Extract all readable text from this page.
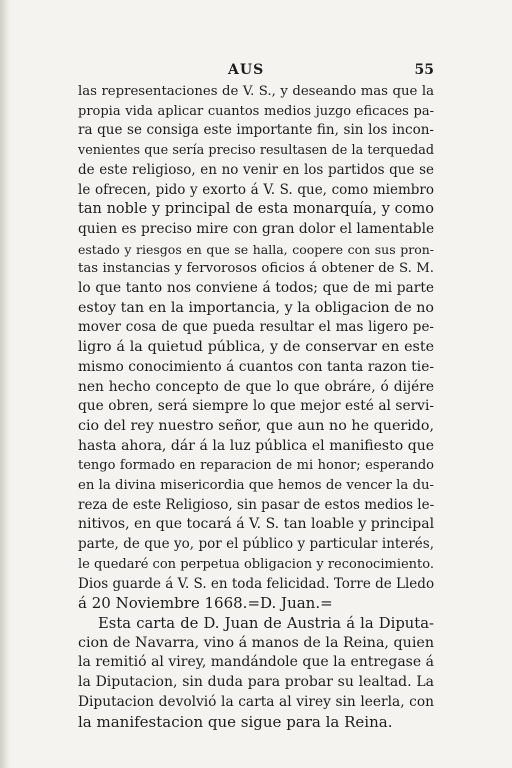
AUS	55
las representaciones de V. S., y deseando mas que la
propia vida aplicar cuantos medios juzgo eficaces pa-
ra que se consiga este importante fin, sin los incon-
venientes que sería preciso resultasen de la terquedad
de este religioso, en no venir en los partidos que se
le ofrecen, pido y exorto á V. S. que, como miembro
tan noble y principal de esta monarquía, y como
quien es preciso mire con gran dolor el lamentable
estado y riesgos en que se halla, coopere con sus pron-
tas instancias y fervorosos oficios á obtener de S. M.
lo que tanto nos conviene á todos; que de mi parte
estoy tan en la importancia, y la obligacion de no
mover cosa de que pueda resultar el mas ligero pe-
ligro á la quietud pública, y de conservar en este
mismo conocimiento á cuantos con tanta razon tie-
nen hecho concepto de que lo que obráre, ó dijére
que obren, será siempre lo que mejor esté al servi-
cio del rey nuestro señor, que aun no he querido,
hasta ahora, dár á la luz pública el manifiesto que
tengo formado en reparacion de mi honor; esperando
en la divina misericordia que hemos de vencer la du-
reza de este Religioso, sin pasar de estos medios le-
nitivos, en que tocará á V. S. tan loable y principal
parte, de que yo, por el público y particular interés,
le quedaré con perpetua obligacion y reconocimiento.
Dios guarde á V. S. en toda felicidad. Torre de Lledo
á 20 Noviembre 1668.=D. Juan.=
Esta carta de D. Juan de Austria á la Diputa-
cion de Navarra, vino á manos de la Reina, quien
la remitió al virey, mandándole que la entregase á
la Diputacion, sin duda para probar su lealtad. La
Diputacion devolvió la carta al virey sin leerla, con
la manifestacion que sigue para la Reina.
